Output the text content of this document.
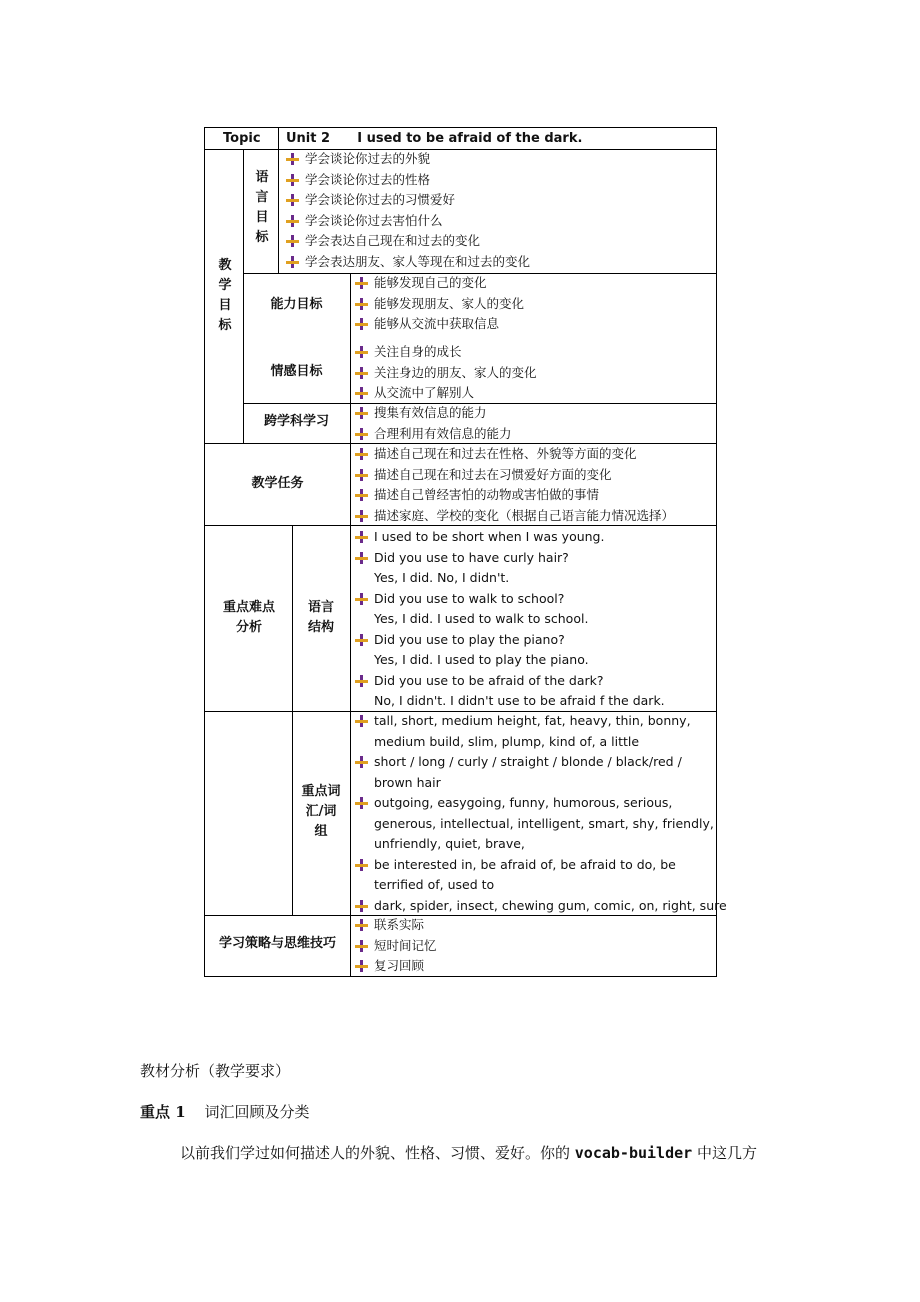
Topic Unit 2      I used to be afraid of the dark.
教学目标
语言目标
学会谈论你过去的外貌
学会谈论你过去的性格
学会谈论你过去的习惯爱好
学会谈论你过去害怕什么
学会表达自己现在和过去的变化
学会表达朋友、家人等现在和过去的变化
能力目标
能够发现自己的变化
能够发现朋友、家人的变化
能够从交流中获取信息
情感目标
关注自身的成长
关注身边的朋友、家人的变化
从交流中了解别人
跨学科学习
搜集有效信息的能力
合理利用有效信息的能力
教学任务
描述自己现在和过去在性格、外貌等方面的变化
描述自己现在和过去在习惯爱好方面的变化
描述自己曾经害怕的动物或害怕做的事情
描述家庭、学校的变化（根据自己语言能力情况选择）
重点难点分析
语言结构
I used to be short when I was young.
Did you use to have curly hair?
Yes, I did. No, I didn't.
Did you use to walk to school?
Yes, I did. I used to walk to school.
Did you use to play the piano?
Yes, I did. I used to play the piano.
Did you use to be afraid of the dark?
No, I didn't. I didn't use to be afraid f the dark.
重点词汇/词组
tall, short, medium height, fat, heavy, thin, bonny,
medium build, slim, plump, kind of, a little
short / long / curly / straight / blonde / black/red /
brown hair
outgoing, easygoing, funny, humorous, serious,
generous, intellectual, intelligent, smart, shy, friendly,
unfriendly, quiet, brave,
be interested in, be afraid of, be afraid to do, be
terrified of, used to
dark, spider, insect, chewing gum, comic, on, right, sure
学习策略与思维技巧
联系实际
短时间记忆
复习回顾
教材分析（教学要求）
重点 1 词汇回顾及分类
以前我们学过如何描述人的外貌、性格、习惯、爱好。你的 vocab-builder 中这几方
